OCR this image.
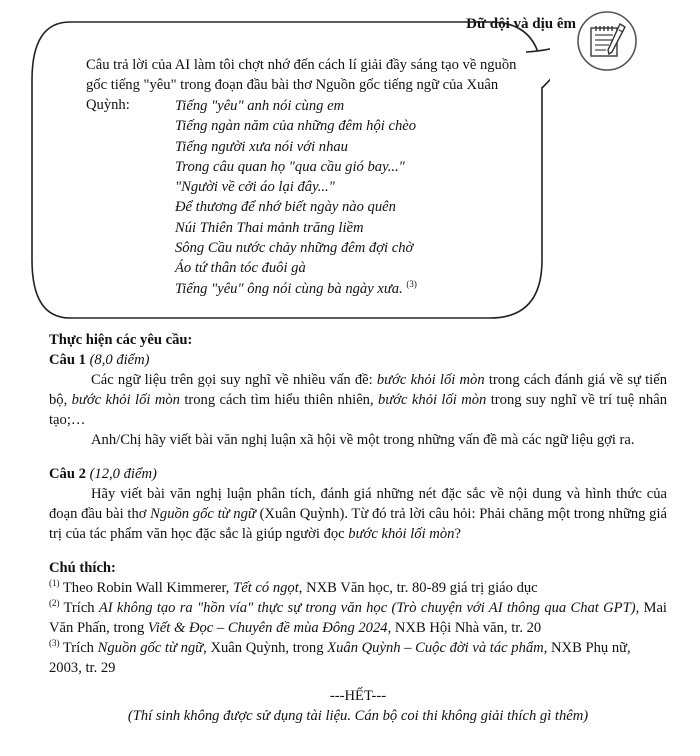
Dữ dội và dịu êm

Câu trả lời của AI làm tôi chợt nhớ đến cách lí giải đầy sáng tạo về nguồn gốc tiếng "yêu" trong đoạn đầu bài thơ Nguồn gốc tiếng ngữ của Xuân Quỳnh:	Tiếng "yêu" anh nói cùng em
Tiếng ngàn năm của những đêm hội chèo
Tiếng người xưa nói với nhau
Trong câu quan họ "qua cầu gió bay..."
"Người về cởi áo lại đây..."
Để thương để nhớ biết ngày nào quên
Núi Thiên Thai mảnh trăng liềm
Sông Cầu nước chảy những đêm đợi chờ
Áo tứ thân tóc đuôi gà
Tiếng "yêu" ông nói cùng bà ngày xưa. $^{(3)}$

Thực hiện các yêu cầu:

Câu 1 (8,0 điểm)

Các ngữ liệu trên gọi suy nghĩ về nhiều vấn đề: bước khỏi lối mòn trong cách đánh giá về sự tiến bộ, bước khỏi lối mòn trong cách tìm hiểu thiên nhiên, bước khỏi lối mòn trong suy nghĩ về trí tuệ nhân tạo;…

Anh/Chị hãy viết bài văn nghị luận xã hội về một trong những vấn đề mà các ngữ liệu gợi ra.

Câu 2 (12,0 điểm)

Hãy viết bài văn nghị luận phân tích, đánh giá những nét đặc sắc về nội dung và hình thức của đoạn đầu bài thơ Nguồn gốc từ ngữ (Xuân Quỳnh). Từ đó trả lời câu hỏi: Phải chăng một trong những giá trị của tác phẩm văn học đặc sắc là giúp người đọc bước khỏi lối mòn?

Chú thích:

$^{(1)}$ Theo Robin Wall Kimmerer, Tết có ngọt, NXB Văn học, tr. 80-89 giá trị giáo dục

$^{(2)}$ Trích AI không tạo ra "hồn vía" thực sự trong văn học (Trò chuyện với AI thông qua Chat GPT), Mai Văn Phấn, trong Viết & Đọc – Chuyên đề mùa Đông 2024, NXB Hội Nhà văn, tr. 20

$^{(3)}$ Trích Nguồn gốc từ ngữ, Xuân Quỳnh, trong Xuân Quỳnh – Cuộc đời và tác phẩm, NXB Phụ nữ, 2003, tr. 29

---HẾT---

(Thí sinh không được sử dụng tài liệu. Cán bộ coi thi không giải thích gì thêm)
